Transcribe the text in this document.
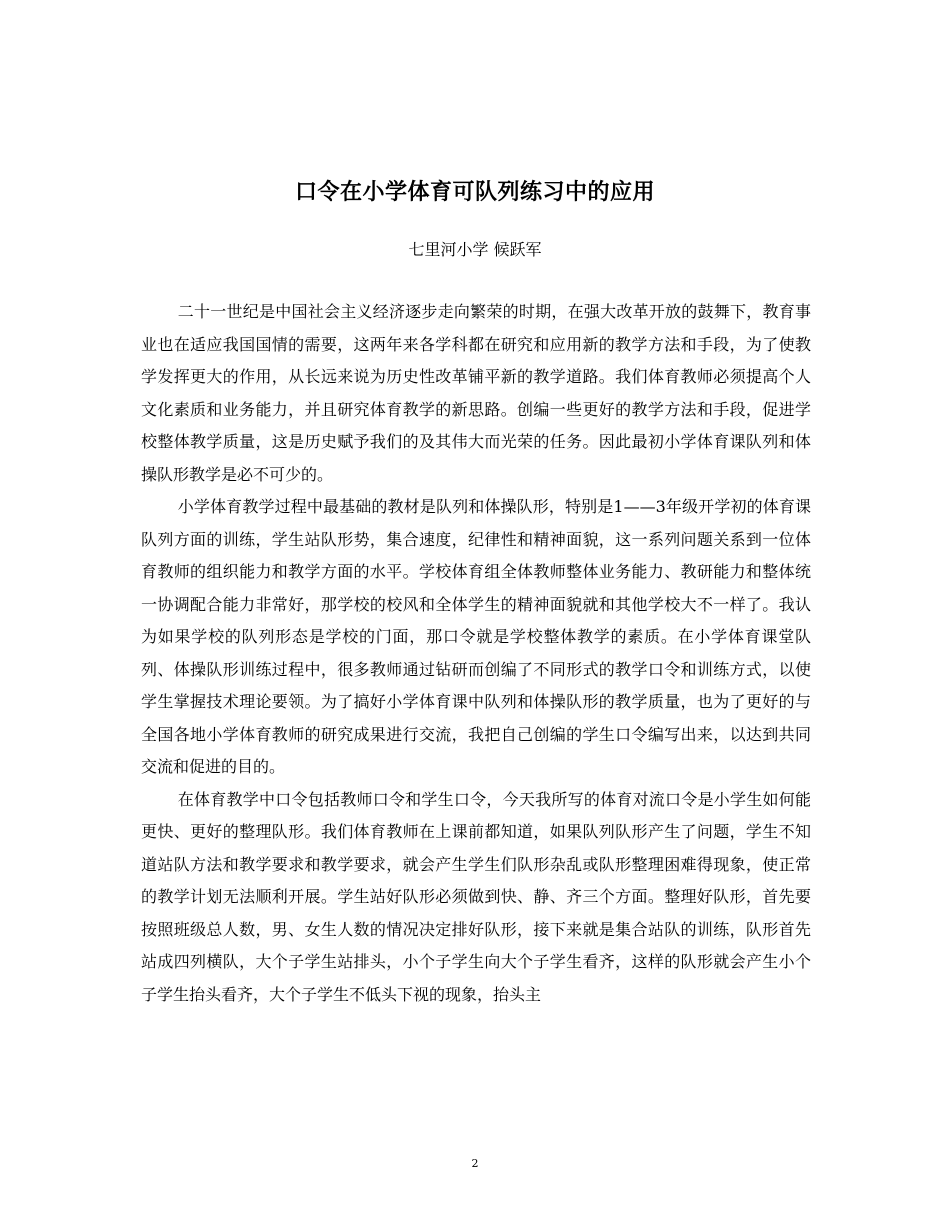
口令在小学体育可队列练习中的应用
七里河小学 候跃军

二十一世纪是中国社会主义经济逐步走向繁荣的时期，在强大改革开放的鼓舞下，教育事业也在适应我国国情的需要，这两年来各学科都在研究和应用新的教学方法和手段，为了使教学发挥更大的作用，从长远来说为历史性改革铺平新的教学道路。我们体育教师必须提高个人文化素质和业务能力，并且研究体育教学的新思路。创编一些更好的教学方法和手段，促进学校整体教学质量，这是历史赋予我们的及其伟大而光荣的任务。因此最初小学体育课队列和体操队形教学是必不可少的。

小学体育教学过程中最基础的教材是队列和体操队形，特别是1——3年级开学初的体育课队列方面的训练，学生站队形势，集合速度，纪律性和精神面貌，这一系列问题关系到一位体育教师的组织能力和教学方面的水平。学校体育组全体教师整体业务能力、教研能力和整体统一协调配合能力非常好，那学校的校风和全体学生的精神面貌就和其他学校大不一样了。我认为如果学校的队列形态是学校的门面，那口令就是学校整体教学的素质。在小学体育课堂队列、体操队形训练过程中，很多教师通过钻研而创编了不同形式的教学口令和训练方式，以使学生掌握技术理论要领。为了搞好小学体育课中队列和体操队形的教学质量，也为了更好的与全国各地小学体育教师的研究成果进行交流，我把自己创编的学生口令编写出来，以达到共同交流和促进的目的。

在体育教学中口令包括教师口令和学生口令，今天我所写的体育对流口令是小学生如何能更快、更好的整理队形。我们体育教师在上课前都知道，如果队列队形产生了问题，学生不知道站队方法和教学要求和教学要求，就会产生学生们队形杂乱或队形整理困难得现象，使正常的教学计划无法顺利开展。学生站好队形必须做到快、静、齐三个方面。整理好队形，首先要按照班级总人数，男、女生人数的情况决定排好队形，接下来就是集合站队的训练，队形首先站成四列横队，大个子学生站排头，小个子学生向大个子学生看齐，这样的队形就会产生小个子学生抬头看齐，大个子学生不低头下视的现象，抬头主

2
